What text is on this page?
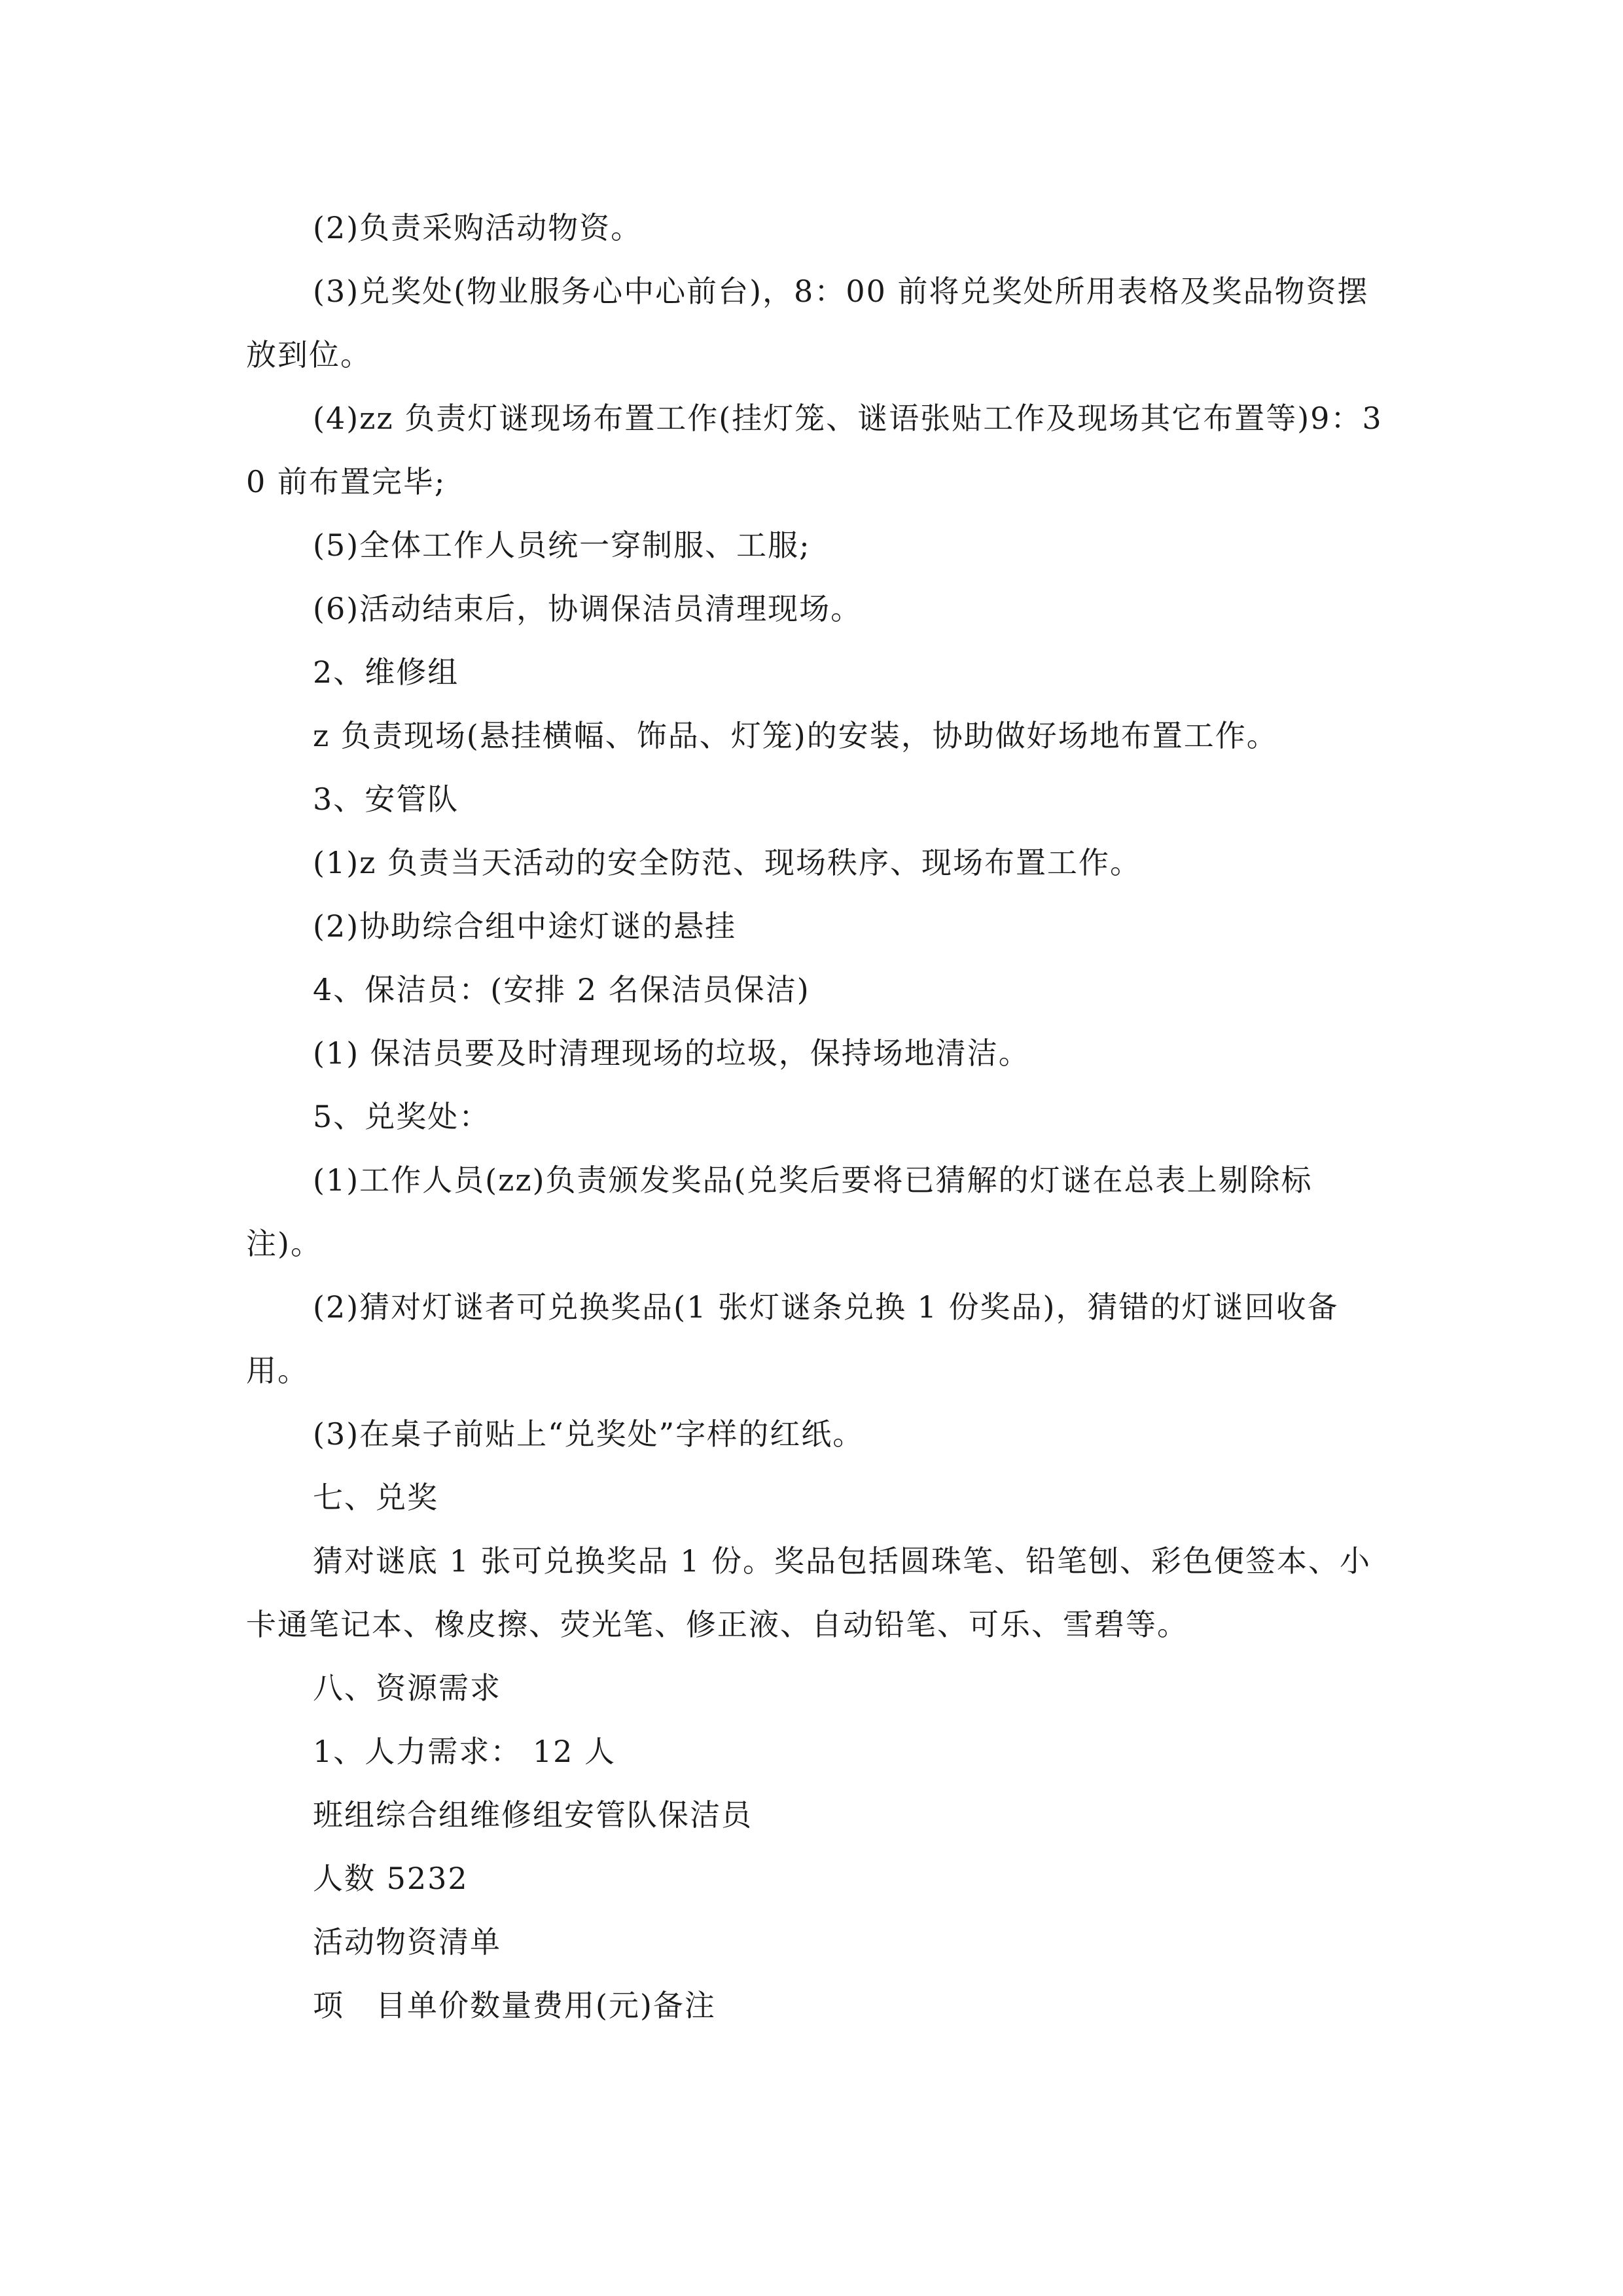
(2)负责采购活动物资。

(3)兑奖处(物业服务心中心前台)，8：00 前将兑奖处所用表格及奖品物资摆放到位。

(4)zz 负责灯谜现场布置工作(挂灯笼、谜语张贴工作及现场其它布置等)9：30 前布置完毕;

(5)全体工作人员统一穿制服、工服;

(6)活动结束后，协调保洁员清理现场。

2、维修组

z 负责现场(悬挂横幅、饰品、灯笼)的安装，协助做好场地布置工作。

3、安管队

(1)z 负责当天活动的安全防范、现场秩序、现场布置工作。

(2)协助综合组中途灯谜的悬挂

4、保洁员：(安排 2 名保洁员保洁)

(1) 保洁员要及时清理现场的垃圾，保持场地清洁。

5、兑奖处：

(1)工作人员(zz)负责颁发奖品(兑奖后要将已猜解的灯谜在总表上剔除标注)。

(2)猜对灯谜者可兑换奖品(1 张灯谜条兑换 1 份奖品)，猜错的灯谜回收备用。

(3)在桌子前贴上“兑奖处”字样的红纸。

七、兑奖

猜对谜底 1 张可兑换奖品 1 份。奖品包括圆珠笔、铅笔刨、彩色便签本、小卡通笔记本、橡皮擦、荧光笔、修正液、自动铅笔、可乐、雪碧等。

八、资源需求

1、人力需求： 12 人

班组综合组维修组安管队保洁员

人数 5232

活动物资清单

项　目单价数量费用(元)备注
